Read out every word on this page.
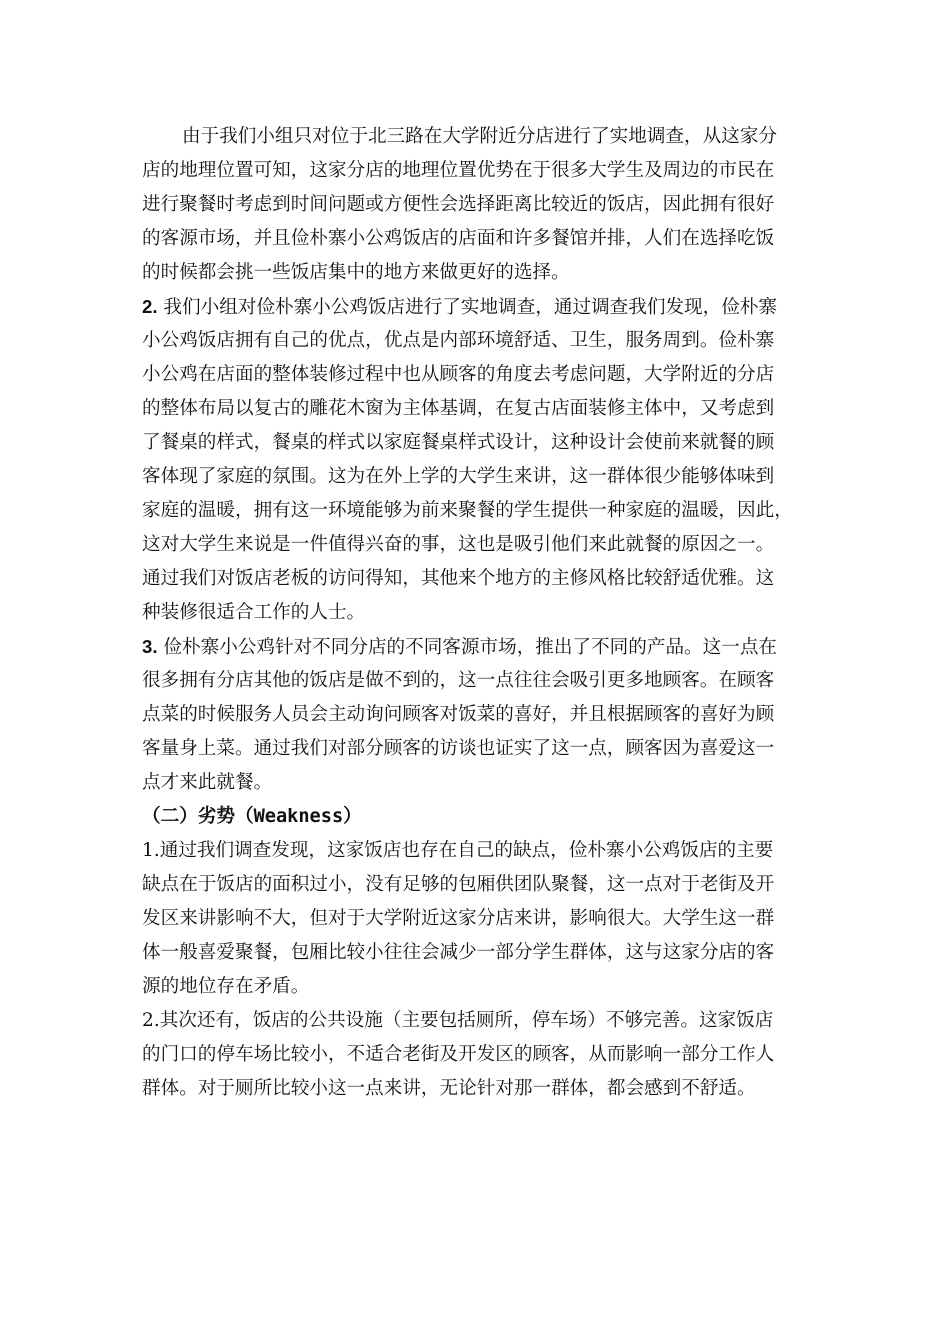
由于我们小组只对位于北三路在大学附近分店进行了实地调查，从这家分

店的地理位置可知，这家分店的地理位置优势在于很多大学生及周边的市民在

进行聚餐时考虑到时间问题或方便性会选择距离比较近的饭店，因此拥有很好

的客源市场，并且俭朴寨小公鸡饭店的店面和许多餐馆并排，人们在选择吃饭

的时候都会挑一些饭店集中的地方来做更好的选择。

2. 我们小组对俭朴寨小公鸡饭店进行了实地调查，通过调查我们发现，俭朴寨

小公鸡饭店拥有自己的优点，优点是内部环境舒适、卫生，服务周到。俭朴寨

小公鸡在店面的整体装修过程中也从顾客的角度去考虑问题，大学附近的分店

的整体布局以复古的雕花木窗为主体基调，在复古店面装修主体中，又考虑到

了餐桌的样式，餐桌的样式以家庭餐桌样式设计，这种设计会使前来就餐的顾

客体现了家庭的氛围。这为在外上学的大学生来讲，这一群体很少能够体味到

家庭的温暖，拥有这一环境能够为前来聚餐的学生提供一种家庭的温暖，因此，

这对大学生来说是一件值得兴奋的事，这也是吸引他们来此就餐的原因之一。

通过我们对饭店老板的访问得知，其他来个地方的主修风格比较舒适优雅。这

种装修很适合工作的人士。

3. 俭朴寨小公鸡针对不同分店的不同客源市场，推出了不同的产品。这一点在

很多拥有分店其他的饭店是做不到的，这一点往往会吸引更多地顾客。在顾客

点菜的时候服务人员会主动询问顾客对饭菜的喜好，并且根据顾客的喜好为顾

客量身上菜。通过我们对部分顾客的访谈也证实了这一点，顾客因为喜爱这一

点才来此就餐。

（二）劣势（Weakness）

1.通过我们调查发现，这家饭店也存在自己的缺点，俭朴寨小公鸡饭店的主要

缺点在于饭店的面积过小，没有足够的包厢供团队聚餐，这一点对于老街及开

发区来讲影响不大，但对于大学附近这家分店来讲，影响很大。大学生这一群

体一般喜爱聚餐，包厢比较小往往会减少一部分学生群体，这与这家分店的客

源的地位存在矛盾。

2.其次还有，饭店的公共设施（主要包括厕所，停车场）不够完善。这家饭店

的门口的停车场比较小，不适合老街及开发区的顾客，从而影响一部分工作人

群体。对于厕所比较小这一点来讲，无论针对那一群体，都会感到不舒适。
